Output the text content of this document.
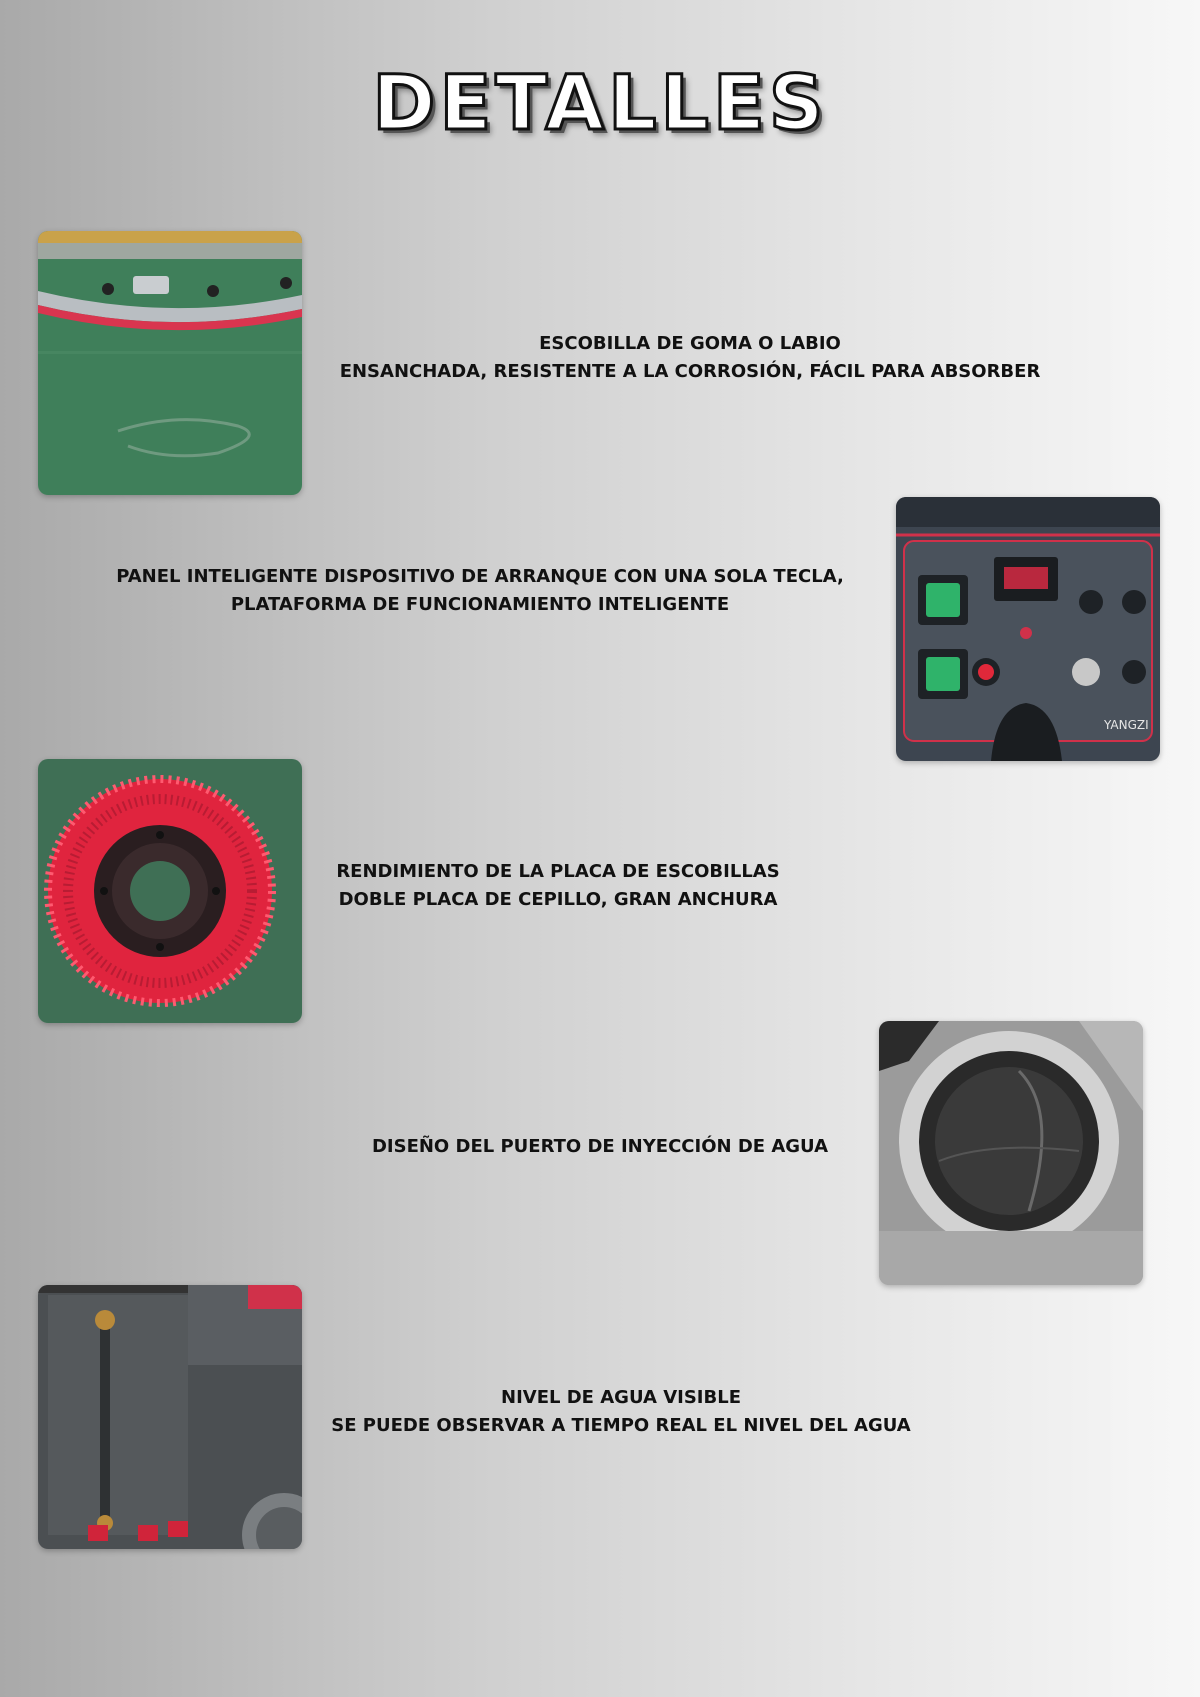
DETALLES

ESCOBILLA DE GOMA O LABIO
ENSANCHADA, RESISTENTE A LA CORROSIÓN, FÁCIL PARA ABSORBER

YANGZI

PANEL INTELIGENTE DISPOSITIVO DE ARRANQUE CON UNA SOLA TECLA,
PLATAFORMA DE FUNCIONAMIENTO INTELIGENTE

RENDIMIENTO DE LA PLACA DE ESCOBILLAS
DOBLE PLACA DE CEPILLO, GRAN ANCHURA

DISEÑO DEL PUERTO DE INYECCIÓN DE AGUA

NIVEL DE AGUA VISIBLE
SE PUEDE OBSERVAR A TIEMPO REAL EL NIVEL DEL AGUA
